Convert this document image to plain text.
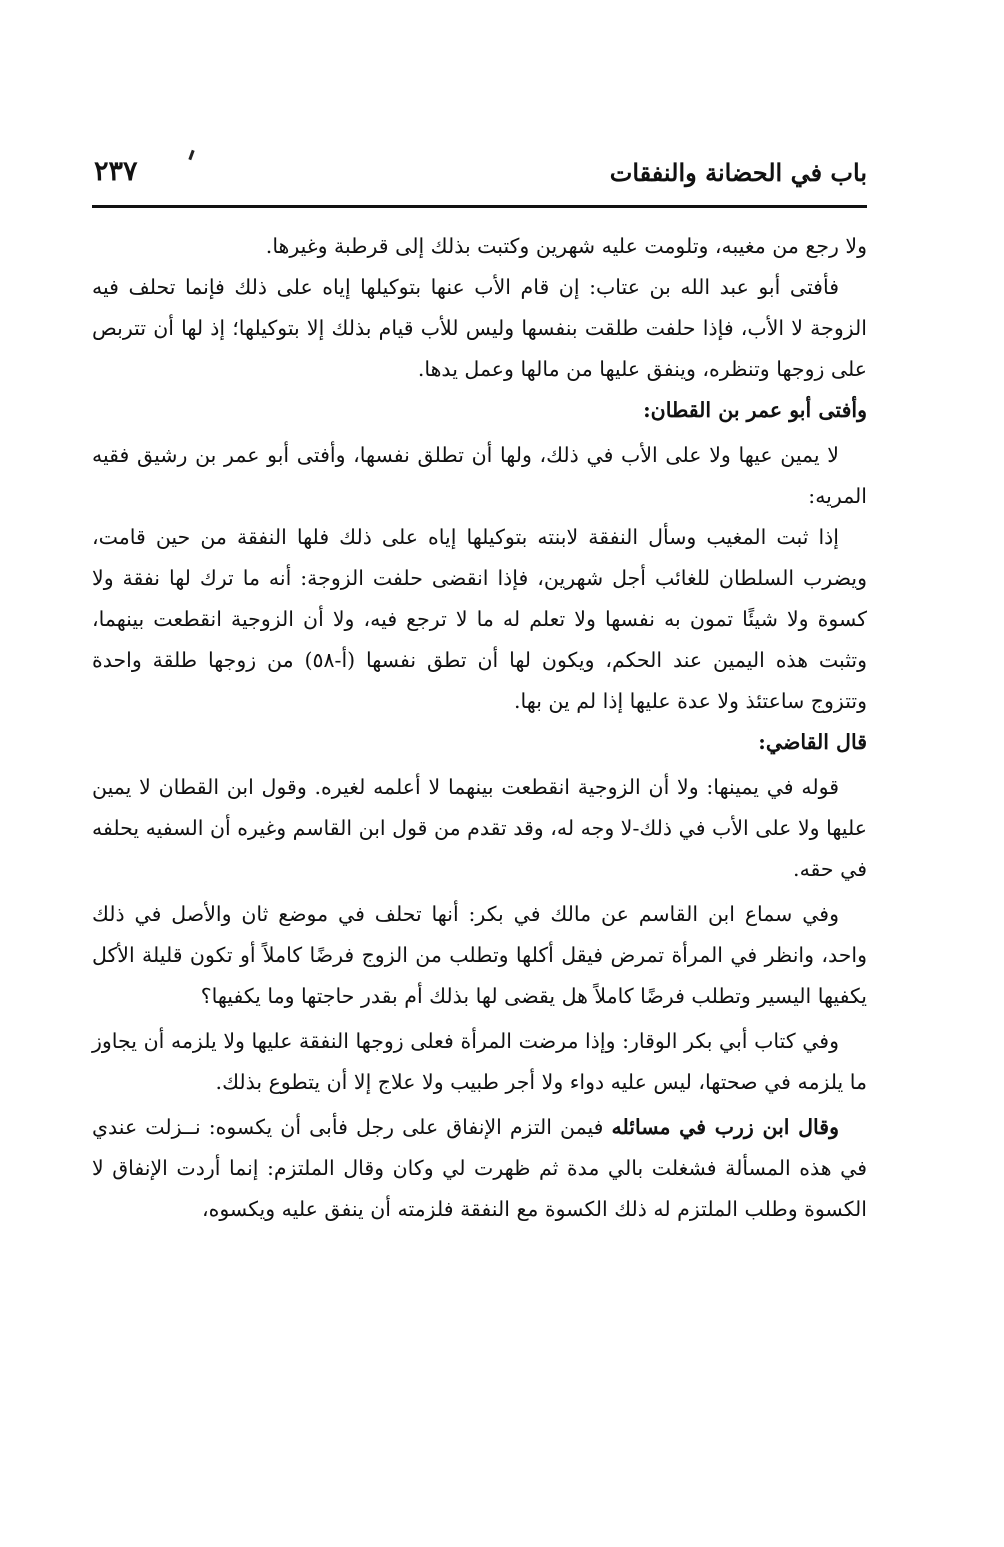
باب في الحضانة والنفقات
٢٣٧

ولا رجع من مغيبه، وتلومت عليه شهرين وكتبت بذلك إلى قرطبة وغيرها.

فأفتى أبو عبد الله بن عتاب: إن قام الأب عنها بتوكيلها إياه على ذلك فإنما تحلف فيه الزوجة لا الأب، فإذا حلفت طلقت بنفسها وليس للأب قيام بذلك إلا بتوكيلها؛ إذ لها أن تتربص على زوجها وتنظره، وينفق عليها من مالها وعمل يدها.

وأفتى أبو عمر بن القطان:

لا يمين عيها ولا على الأب في ذلك، ولها أن تطلق نفسها، وأفتى أبو عمر بن رشيق فقيه المريه:

إذا ثبت المغيب وسأل النفقة لابنته بتوكيلها إياه على ذلك فلها النفقة من حين قامت، ويضرب السلطان للغائب أجل شهرين، فإذا انقضى حلفت الزوجة: أنه ما ترك لها نفقة ولا كسوة ولا شيئًا تمون به نفسها ولا تعلم له ما لا ترجع فيه، ولا أن الزوجية انقطعت بينهما، وتثبت هذه اليمين عند الحكم، ويكون لها أن تطق نفسها (أ-٥٨) من زوجها طلقة واحدة وتتزوج ساعتئذ ولا عدة عليها إذا لم ين بها.

قال القاضي:

قوله في يمينها: ولا أن الزوجية انقطعت بينهما لا أعلمه لغيره. وقول ابن القطان لا يمين عليها ولا على الأب في ذلك-لا وجه له، وقد تقدم من قول ابن القاسم وغيره أن السفيه يحلفه في حقه.

وفي سماع ابن القاسم عن مالك في بكر: أنها تحلف في موضع ثان والأصل في ذلك واحد، وانظر في المرأة تمرض فيقل أكلها وتطلب من الزوج فرضًا كاملاً أو تكون قليلة الأكل يكفيها اليسير وتطلب فرضًا كاملاً هل يقضى لها بذلك أم بقدر حاجتها وما يكفيها؟

وفي كتاب أبي بكر الوقار: وإذا مرضت المرأة فعلى زوجها النفقة عليها ولا يلزمه أن يجاوز ما يلزمه في صحتها، ليس عليه دواء ولا أجر طبيب ولا علاج إلا أن يتطوع بذلك.

وقال ابن زرب في مسائله فيمن التزم الإنفاق على رجل فأبى أن يكسوه: نــزلت عندي في هذه المسألة فشغلت بالي مدة ثم ظهرت لي وكان وقال الملتزم: إنما أردت الإنفاق لا الكسوة وطلب الملتزم له ذلك الكسوة مع النفقة فلزمته أن ينفق عليه ويكسوه،
